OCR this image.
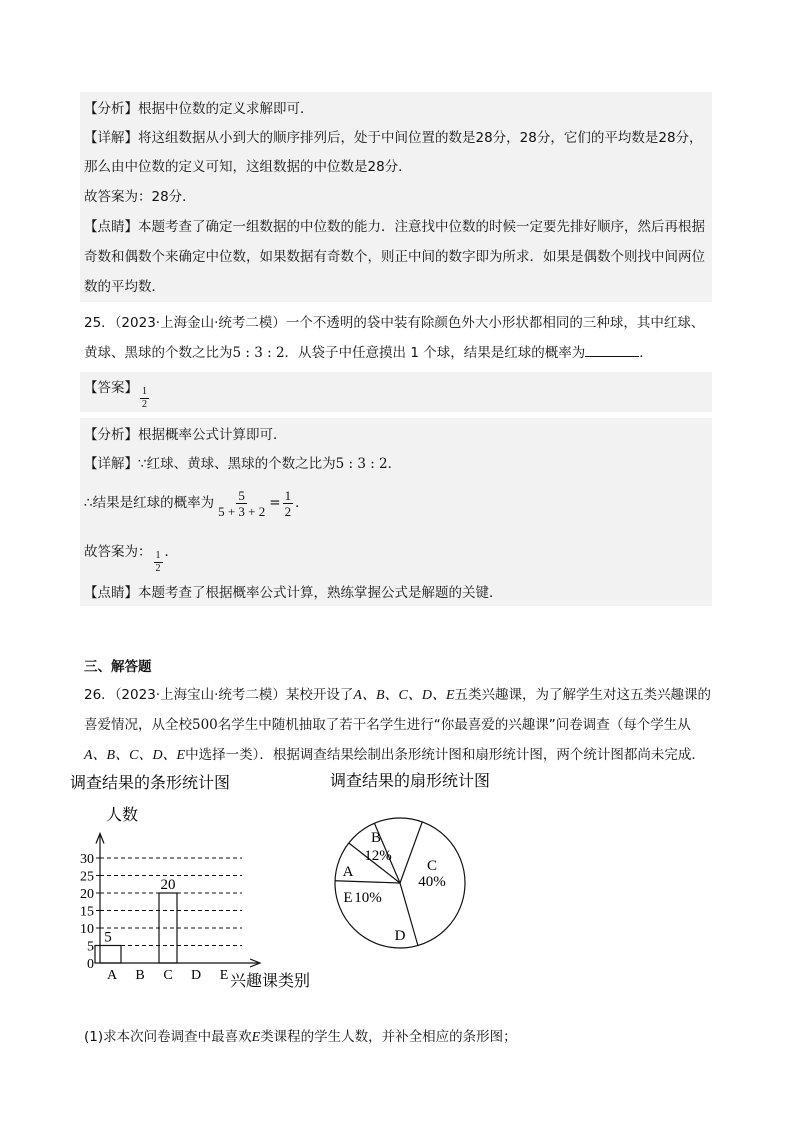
【分析】根据中位数的定义求解即可．
【详解】将这组数据从小到大的顺序排列后，处于中间位置的数是28分，28分，它们的平均数是28分，
那么由中位数的定义可知，这组数据的中位数是28分．
故答案为：28分．
【点睛】本题考查了确定一组数据的中位数的能力．注意找中位数的时候一定要先排好顺序，然后再根据
奇数和偶数个来确定中位数，如果数据有奇数个，则正中间的数字即为所求．如果是偶数个则找中间两位
数的平均数．
25．（2023·上海金山·统考二模）一个不透明的袋中装有除颜色外大小形状都相同的三种球，其中红球、
黄球、黑球的个数之比为5 : 3 : 2．从袋子中任意摸出 1 个球，结果是红球的概率为	．
【答案】 $\frac{1}{2}$
【分析】根据概率公式计算即可．
【详解】∵红球、黄球、黑球的个数之比为5 : 3 : 2．
∴结果是红球的概率为 $\frac{5}{5 + 3 + 2} = \frac{1}{2}$ ．
故答案为： $\frac{1}{2}$ ．
【点睛】本题考查了根据概率公式计算，熟练掌握公式是解题的关键．
三、解答题
26．（2023·上海宝山·统考二模）某校开设了A、B、C、D、E五类兴趣课，为了解学生对这五类兴趣课的
喜爱情况，从全校500名学生中随机抽取了若干名学生进行“你最喜爱的兴趣课”问卷调查（每个学生从
A、B、C、D、E中选择一类）．根据调查结果绘制出条形统计图和扇形统计图，两个统计图都尚未完成．
调查结果的条形统计图
0
5
10
15
20
25
30
人数
兴趣课类别
A
5
B C
20
D E
调查结果的扇形统计图
C
40%
D
E 10%
A
B
12%
(1)求本次问卷调查中最喜欢E类课程的学生人数，并补全相应的条形图；
